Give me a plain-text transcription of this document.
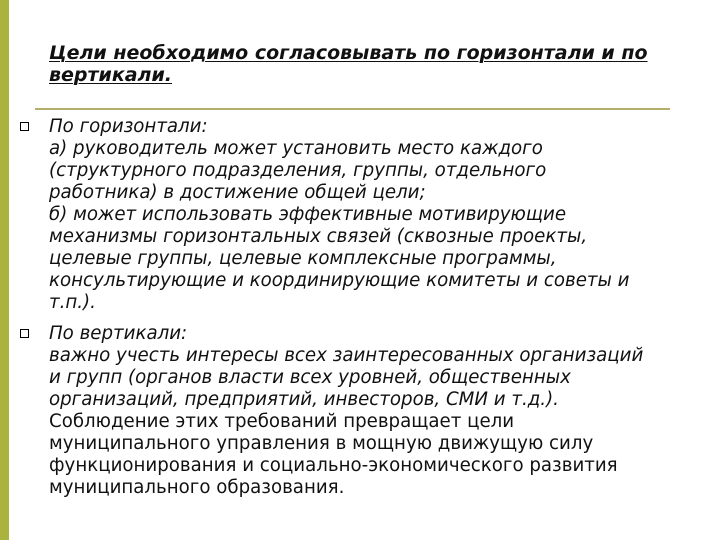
Цели необходимо согласовывать по горизонтали и по
вертикали.
По горизонтали:
а) руководитель может установить место каждого
(структурного подразделения, группы, отдельного
работника) в достижение общей цели;
б) может использовать эффективные мотивирующие
механизмы горизонтальных связей (сквозные проекты,
целевые группы, целевые комплексные программы,
консультирующие и координирующие комитеты и советы и
т.п.).
По вертикали:
важно учесть интересы всех заинтересованных организаций
и групп (органов власти всех уровней, общественных
организаций, предприятий, инвесторов, СМИ и т.д.).
Соблюдение этих требований превращает цели
муниципального управления в мощную движущую силу
функционирования и социально-экономического развития
муниципального образования.
